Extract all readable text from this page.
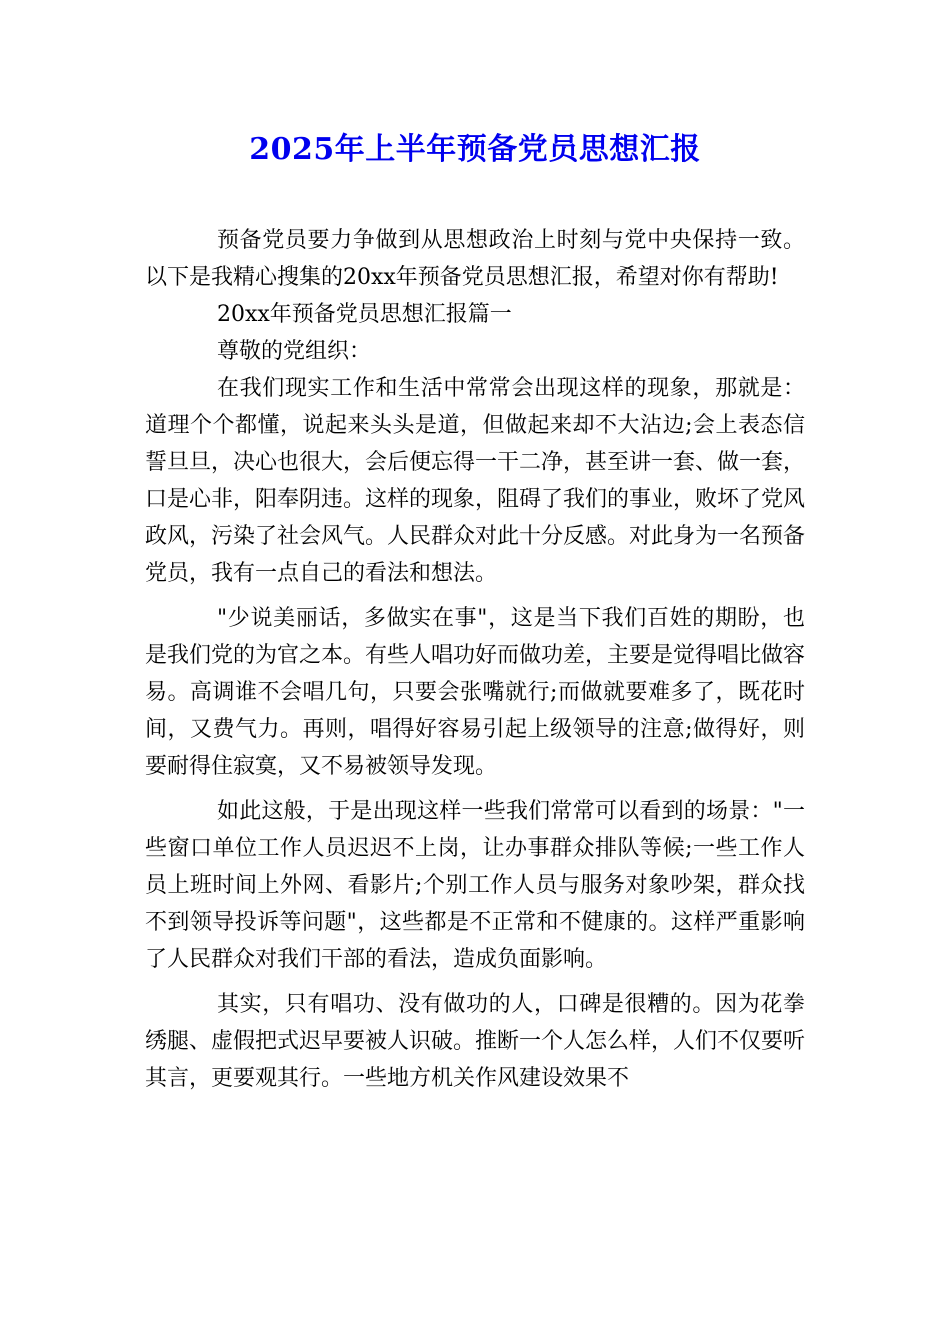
2025年上半年预备党员思想汇报

预备党员要力争做到从思想政治上时刻与党中央保持一致。以下是我精心搜集的20xx年预备党员思想汇报，希望对你有帮助!

20xx年预备党员思想汇报篇一

尊敬的党组织：

在我们现实工作和生活中常常会出现这样的现象，那就是：道理个个都懂，说起来头头是道，但做起来却不大沾边;会上表态信誓旦旦，决心也很大，会后便忘得一干二净，甚至讲一套、做一套，口是心非，阳奉阴违。这样的现象，阻碍了我们的事业，败坏了党风政风，污染了社会风气。人民群众对此十分反感。对此身为一名预备党员，我有一点自己的看法和想法。

"少说美丽话，多做实在事"，这是当下我们百姓的期盼，也是我们党的为官之本。有些人唱功好而做功差，主要是觉得唱比做容易。高调谁不会唱几句，只要会张嘴就行;而做就要难多了，既花时间，又费气力。再则，唱得好容易引起上级领导的注意;做得好，则要耐得住寂寞，又不易被领导发现。

如此这般，于是出现这样一些我们常常可以看到的场景："一些窗口单位工作人员迟迟不上岗，让办事群众排队等候;一些工作人员上班时间上外网、看影片;个别工作人员与服务对象吵架，群众找不到领导投诉等问题"，这些都是不正常和不健康的。这样严重影响了人民群众对我们干部的看法，造成负面影响。

其实，只有唱功、没有做功的人，口碑是很糟的。因为花拳绣腿、虚假把式迟早要被人识破。推断一个人怎么样，人们不仅要听其言，更要观其行。一些地方机关作风建设效果不
